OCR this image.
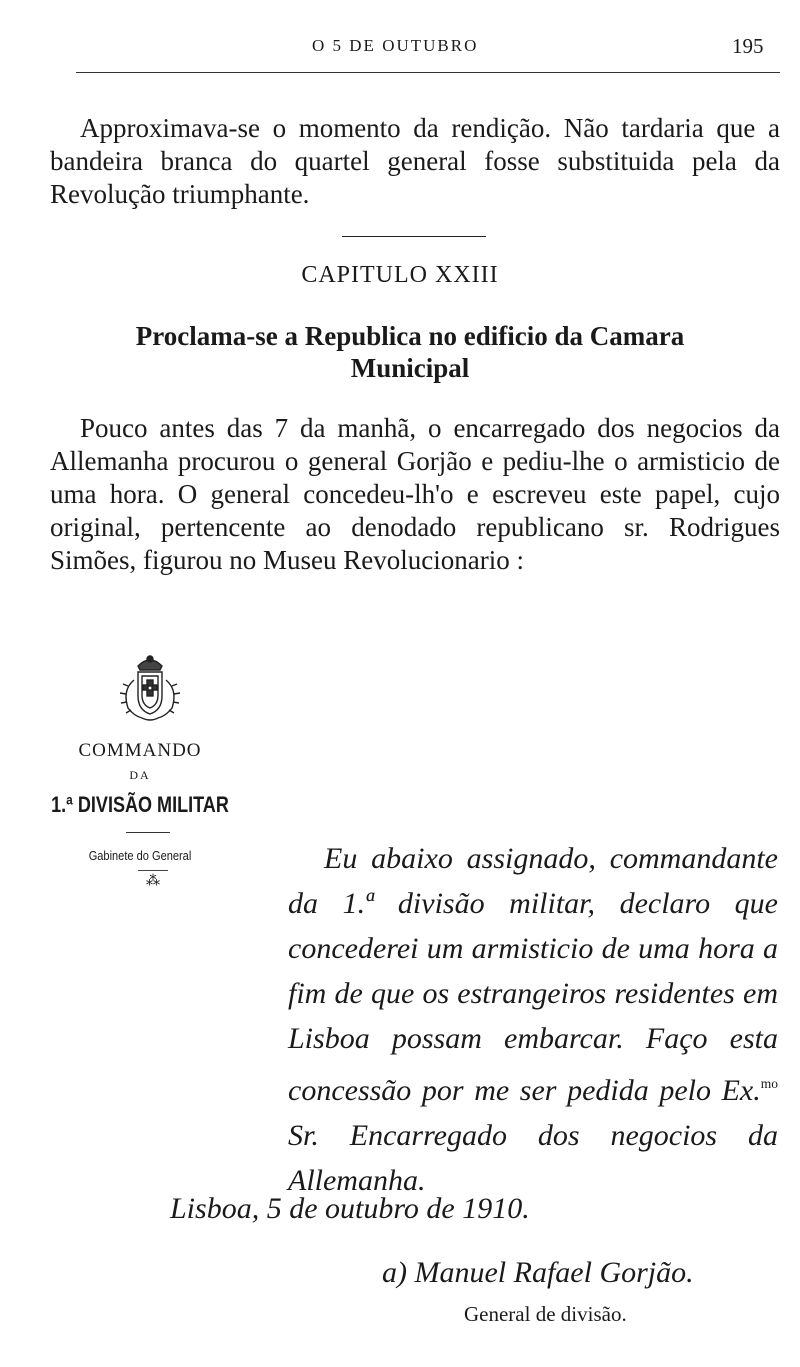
O 5 DE OUTUBRO	195

Approximava-se o momento da rendição. Não tardaria que a bandeira branca do quartel general fosse substituida pela da Revolução triumphante.

CAPITULO XXIII
Proclama-se a Republica no edificio da Camara
Municipal

Pouco antes das 7 da manhã, o encarregado dos negocios da Allemanha procurou o general Gorjão e pediu-lhe o armisticio de uma hora. O general concedeu-lh'o e escreveu este papel, cujo original, pertencente ao denodado republicano sr. Rodrigues Simões, figurou no Museu Revolucionario :

COMMANDO
DA
1.ª DIVISÃO MILITAR
Gabinete do General
⁂

Eu abaixo assignado, commandante da 1.ª divisão militar, declaro que concederei um armisticio de uma hora a fim de que os estrangeiros residentes em Lisboa possam embarcar. Faço esta concessão por me ser pedida pelo Ex.$^{mo}$ Sr. Encarregado dos negocios da Allemanha.

Lisboa, 5 de outubro de 1910.
a) Manuel Rafael Gorjão.
General de divisão.
